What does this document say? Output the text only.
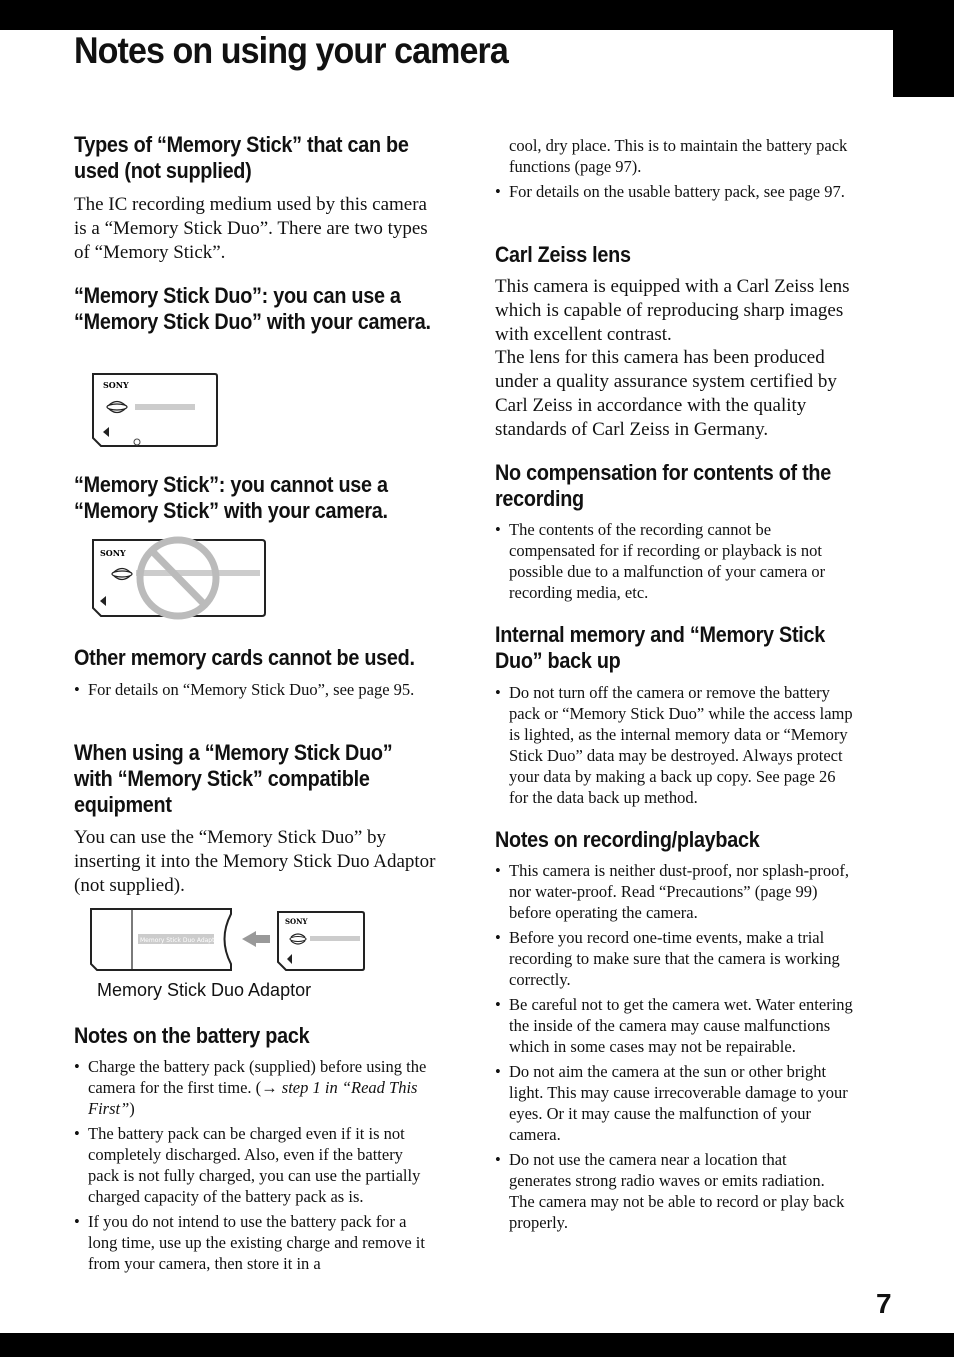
Notes on using your camera
Types of “Memory Stick” that can be used (not supplied)

The IC recording medium used by this camera is a “Memory Stick Duo”. There are two types of “Memory Stick”.

“Memory Stick Duo”: you can use a “Memory Stick Duo” with your camera.
SONY
“Memory Stick”: you cannot use a “Memory Stick” with your camera.
SONY
Other memory cards cannot be used.
• For details on “Memory Stick Duo”, see page 95.
When using a “Memory Stick Duo” with “Memory Stick” compatible equipment

You can use the “Memory Stick Duo” by inserting it into the Memory Stick Duo Adaptor (not supplied).

Memory Stick Duo Adaptor
SONY
Memory Stick Duo Adaptor
Notes on the battery pack
• Charge the battery pack (supplied) before using the camera for the first time. (→ step 1 in “Read This First”)
• The battery pack can be charged even if it is not completely discharged. Also, even if the battery pack is not fully charged, you can use the partially charged capacity of the battery pack as is.
• If you do not intend to use the battery pack for a long time, use up the existing charge and remove it from your camera, then store it in a

cool, dry place. This is to maintain the battery pack functions (page 97).

• For details on the usable battery pack, see page 97.
Carl Zeiss lens

This camera is equipped with a Carl Zeiss lens which is capable of reproducing sharp images with excellent contrast.

The lens for this camera has been produced under a quality assurance system certified by Carl Zeiss in accordance with the quality standards of Carl Zeiss in Germany.

No compensation for contents of the recording
• The contents of the recording cannot be compensated for if recording or playback is not possible due to a malfunction of your camera or recording media, etc.
Internal memory and “Memory Stick Duo” back up
• Do not turn off the camera or remove the battery pack or “Memory Stick Duo” while the access lamp is lighted, as the internal memory data or “Memory Stick Duo” data may be destroyed. Always protect your data by making a back up copy. See page 26 for the data back up method.
Notes on recording/playback
• This camera is neither dust-proof, nor splash-proof, nor water-proof. Read “Precautions” (page 99) before operating the camera.
• Before you record one-time events, make a trial recording to make sure that the camera is working correctly.
• Be careful not to get the camera wet. Water entering the inside of the camera may cause malfunctions which in some cases may not be repairable.
• Do not aim the camera at the sun or other bright light. This may cause irrecoverable damage to your eyes. Or it may cause the malfunction of your camera.
• Do not use the camera near a location that generates strong radio waves or emits radiation. The camera may not be able to record or play back properly.
7
